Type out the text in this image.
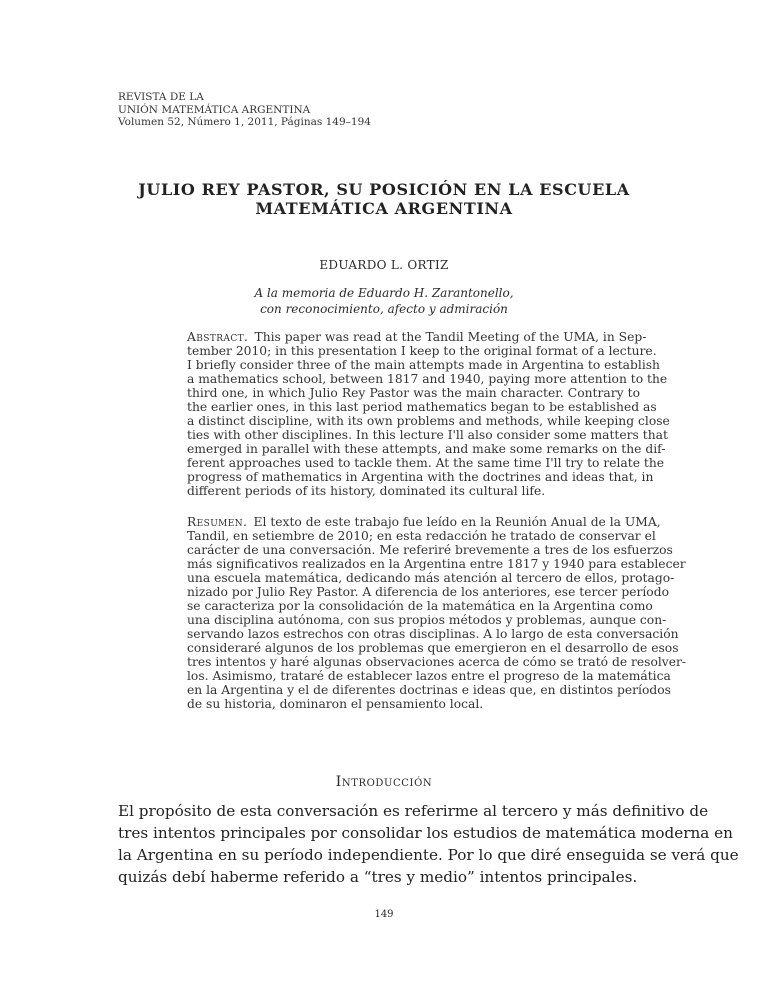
REVISTA DE LA
UNIÓN MATEMÁTICA ARGENTINA
Volumen 52, Número 1, 2011, Páginas 149–194
JULIO REY PASTOR, SU POSICIÓN EN LA ESCUELA
MATEMÁTICA ARGENTINA
EDUARDO L. ORTIZ
A la memoria de Eduardo H. Zarantonello,
con reconocimiento, afecto y admiración
Abstract.  This paper was read at the Tandil Meeting of the UMA, in Sep-
tember 2010; in this presentation I keep to the original format of a lecture.
I briefly consider three of the main attempts made in Argentina to establish
a mathematics school, between 1817 and 1940, paying more attention to the
third one, in which Julio Rey Pastor was the main character. Contrary to
the earlier ones, in this last period mathematics began to be established as
a distinct discipline, with its own problems and methods, while keeping close
ties with other disciplines. In this lecture I'll also consider some matters that
emerged in parallel with these attempts, and make some remarks on the dif-
ferent approaches used to tackle them. At the same time I'll try to relate the
progress of mathematics in Argentina with the doctrines and ideas that, in
different periods of its history, dominated its cultural life.
Resumen.  El texto de este trabajo fue leído en la Reunión Anual de la UMA,
Tandil, en setiembre de 2010; en esta redacción he tratado de conservar el
carácter de una conversación. Me referiré brevemente a tres de los esfuerzos
más significativos realizados en la Argentina entre 1817 y 1940 para establecer
una escuela matemática, dedicando más atención al tercero de ellos, protago-
nizado por Julio Rey Pastor. A diferencia de los anteriores, ese tercer período
se caracteriza por la consolidación de la matemática en la Argentina como
una disciplina autónoma, con sus propios métodos y problemas, aunque con-
servando lazos estrechos con otras disciplinas. A lo largo de esta conversación
consideraré algunos de los problemas que emergieron en el desarrollo de esos
tres intentos y haré algunas observaciones acerca de cómo se trató de resolver-
los. Asimismo, trataré de establecer lazos entre el progreso de la matemática
en la Argentina y el de diferentes doctrinas e ideas que, en distintos períodos
de su historia, dominaron el pensamiento local.
Introducción
El propósito de esta conversación es referirme al tercero y más definitivo de
tres intentos principales por consolidar los estudios de matemática moderna en
la Argentina en su período independiente. Por lo que diré enseguida se verá que
quizás debí haberme referido a “tres y medio” intentos principales.
149
